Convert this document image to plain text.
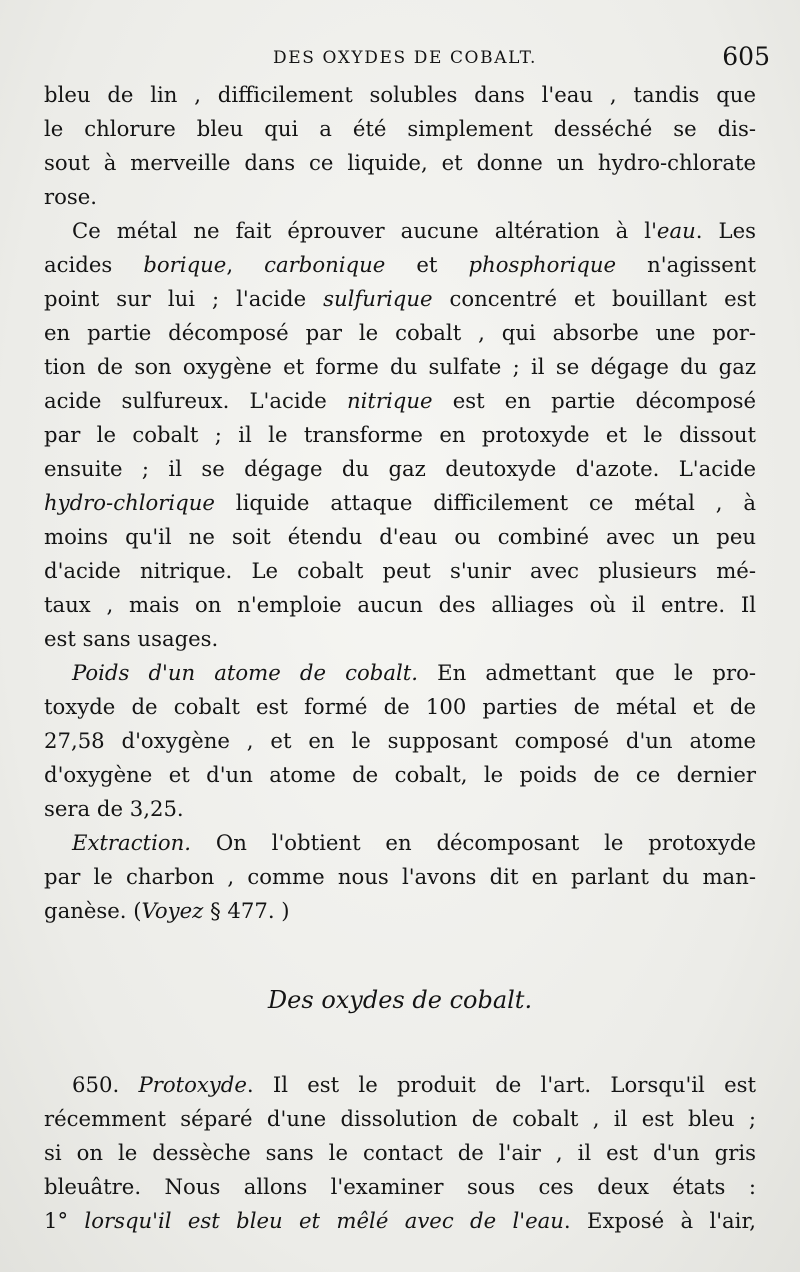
DES OXYDES DE COBALT.	605
bleu de lin , difficilement solubles dans l'eau , tandis que
le chlorure bleu qui a été simplement desséché se dis-
sout à merveille dans ce liquide, et donne un hydro-chlorate
rose.
Ce métal ne fait éprouver aucune altération à l'eau. Les
acides borique, carbonique et phosphorique n'agissent
point sur lui ; l'acide sulfurique concentré et bouillant est
en partie décomposé par le cobalt , qui absorbe une por-
tion de son oxygène et forme du sulfate ; il se dégage du gaz
acide sulfureux. L'acide nitrique est en partie décomposé
par le cobalt ; il le transforme en protoxyde et le dissout
ensuite ; il se dégage du gaz deutoxyde d'azote. L'acide
hydro-chlorique liquide attaque difficilement ce métal , à
moins qu'il ne soit étendu d'eau ou combiné avec un peu
d'acide nitrique. Le cobalt peut s'unir avec plusieurs mé-
taux , mais on n'emploie aucun des alliages où il entre. Il
est sans usages.
Poids d'un atome de cobalt. En admettant que le pro-
toxyde de cobalt est formé de 100 parties de métal et de
27,58 d'oxygène , et en le supposant composé d'un atome
d'oxygène et d'un atome de cobalt, le poids de ce dernier
sera de 3,25.
Extraction. On l'obtient en décomposant le protoxyde
par le charbon , comme nous l'avons dit en parlant du man-
ganèse. (Voyez § 477. )
Des oxydes de cobalt.
650. Protoxyde. Il est le produit de l'art. Lorsqu'il est
récemment séparé d'une dissolution de cobalt , il est bleu ;
si on le dessèche sans le contact de l'air , il est d'un gris
bleuâtre. Nous allons l'examiner sous ces deux états :
1° lorsqu'il est bleu et mêlé avec de l'eau. Exposé à l'air,
